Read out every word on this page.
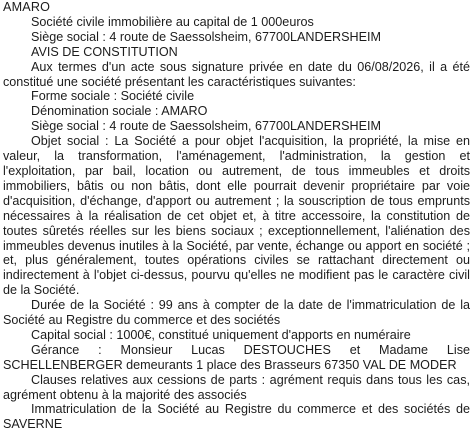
AMARO

Société civile immobilière au capital de 1 000euros

Siège social : 4 route de Saessolsheim, 67700LANDERSHEIM

AVIS DE CONSTITUTION

Aux termes d'un acte sous signature privée en date du 06/08/2026, il a été constitué une société présentant les caractéristiques suivantes:

Forme sociale : Société civile

Dénomination sociale : AMARO

Siège social : 4 route de Saessolsheim, 67700LANDERSHEIM

Objet social : La Société a pour objet l'acquisition, la propriété, la mise en valeur, la transformation, l'aménagement, l'administration, la gestion et l'exploitation, par bail, location ou autrement, de tous immeubles et droits immobiliers, bâtis ou non bâtis, dont elle pourrait devenir propriétaire par voie d'acquisition, d'échange, d'apport ou autrement ; la souscription de tous emprunts nécessaires à la réalisation de cet objet et, à titre accessoire, la constitution de toutes sûretés réelles sur les biens sociaux ; exceptionnellement, l'aliénation des immeubles devenus inutiles à la Société, par vente, échange ou apport en société ; et, plus généralement, toutes opérations civiles se rattachant directement ou indirectement à l'objet ci-dessus, pourvu qu'elles ne modifient pas le caractère civil de la Société.

Durée de la Société : 99 ans à compter de la date de l'immatriculation de la Société au Registre du commerce et des sociétés

Capital social : 1000€, constitué uniquement d'apports en numéraire

Gérance : Monsieur Lucas DESTOUCHES et Madame Lise SCHELLENBERGER demeurants 1 place des Brasseurs 67350 VAL DE MODER

Clauses relatives aux cessions de parts : agrément requis dans tous les cas, agrément obtenu à la majorité des associés

Immatriculation de la Société au Registre du commerce et des sociétés de SAVERNE
